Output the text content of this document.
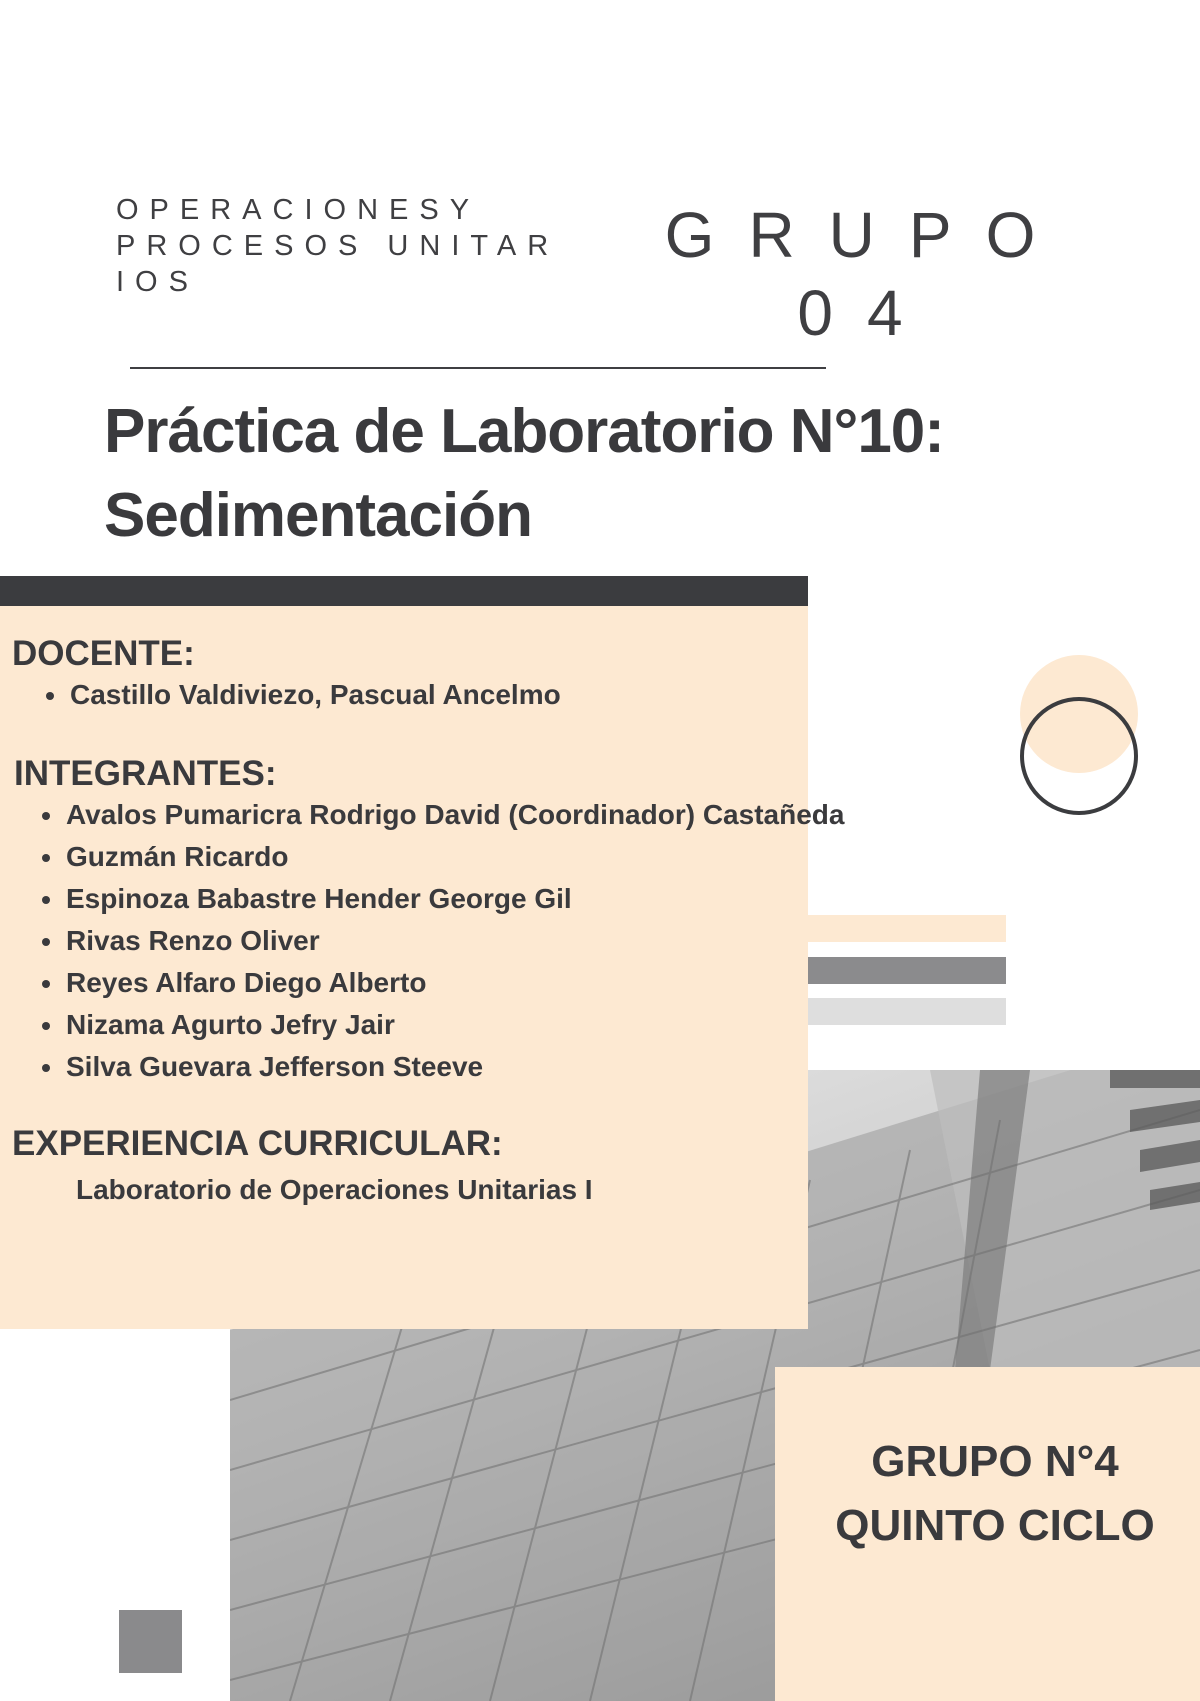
OPERACIONESY
PROCESOS UNITAR
IOS
GRUPO 04
Práctica de Laboratorio N°10:
Sedimentación
DOCENTE:
Castillo Valdiviezo, Pascual Ancelmo
INTEGRANTES:
Avalos Pumaricra Rodrigo David (Coordinador) Castañeda
Guzmán Ricardo
Espinoza Babastre Hender George Gil
Rivas Renzo Oliver
Reyes Alfaro Diego Alberto
Nizama Agurto Jefry Jair
Silva Guevara Jefferson Steeve
EXPERIENCIA CURRICULAR:
Laboratorio de Operaciones Unitarias I
GRUPO N°4
QUINTO CICLO
